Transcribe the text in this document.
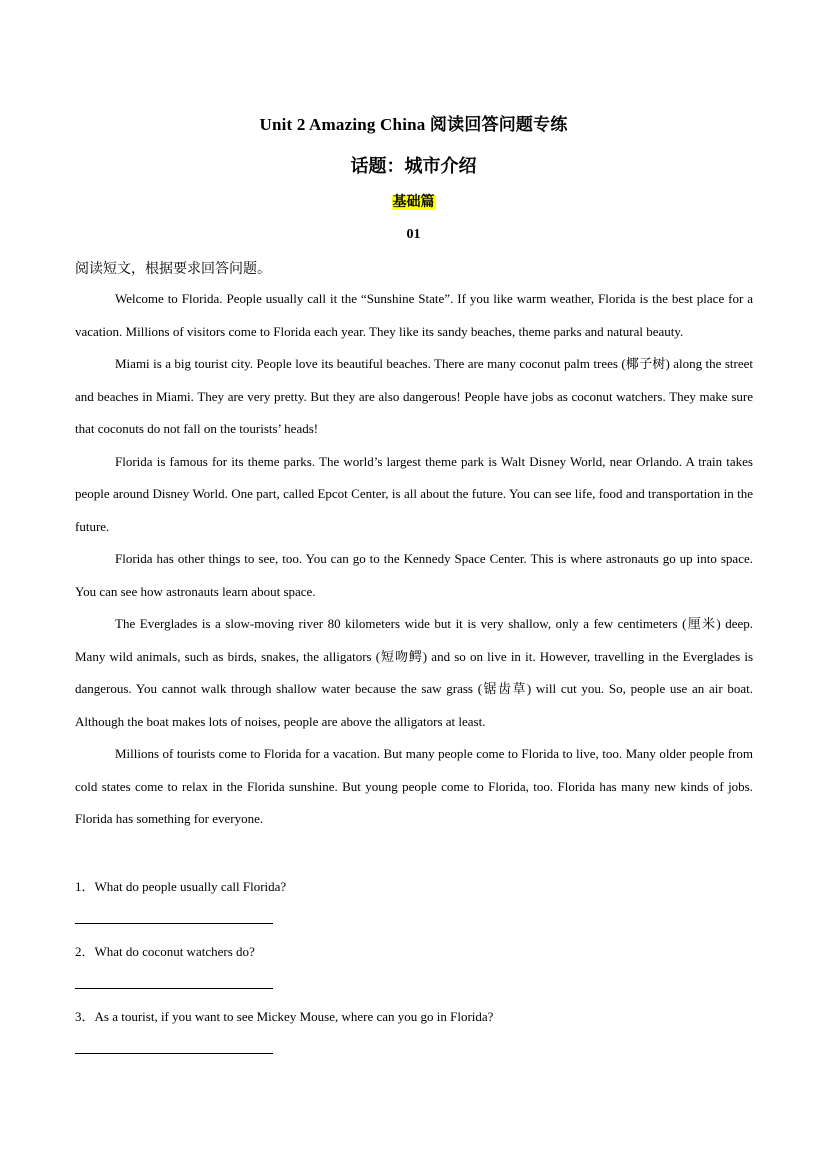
Unit 2 Amazing China 阅读回答问题专练
话题：城市介绍
基础篇
01
阅读短文，根据要求回答问题。

Welcome to Florida. People usually call it the “Sunshine State”. If you like warm weather, Florida is the best place for a vacation. Millions of visitors come to Florida each year. They like its sandy beaches, theme parks and natural beauty.

Miami is a big tourist city. People love its beautiful beaches. There are many coconut palm trees (椰子树) along the street and beaches in Miami. They are very pretty. But they are also dangerous! People have jobs as coconut watchers. They make sure that coconuts do not fall on the tourists’ heads!

Florida is famous for its theme parks. The world’s largest theme park is Walt Disney World, near Orlando. A train takes people around Disney World. One part, called Epcot Center, is all about the future. You can see life, food and transportation in the future.

Florida has other things to see, too. You can go to the Kennedy Space Center. This is where astronauts go up into space. You can see how astronauts learn about space.

The Everglades is a slow-moving river 80 kilometers wide but it is very shallow, only a few centimeters (厘米) deep. Many wild animals, such as birds, snakes, the alligators (短吻鳄) and so on live in it. However, travelling in the Everglades is dangerous. You cannot walk through shallow water because the saw grass (锯齿草) will cut you. So, people use an air boat. Although the boat makes lots of noises, people are above the alligators at least.

Millions of tourists come to Florida for a vacation. But many people come to Florida to live, too. Many older people from cold states come to relax in the Florida sunshine. But young people come to Florida, too. Florida has many new kinds of jobs. Florida has something for everyone.

1．What do people usually call Florida?
2．What do coconut watchers do?
3．As a tourist, if you want to see Mickey Mouse, where can you go in Florida?
